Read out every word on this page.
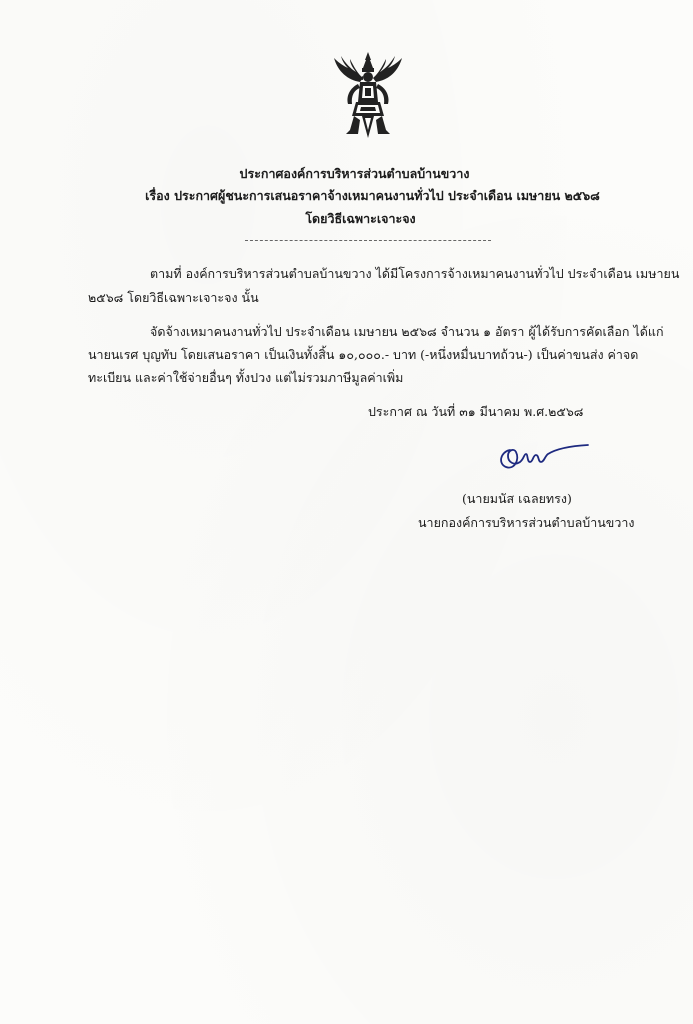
ประกาศองค์การบริหารส่วนตำบลบ้านขวาง
เรื่อง ประกาศผู้ชนะการเสนอราคาจ้างเหมาคนงานทั่วไป ประจำเดือน เมษายน ๒๕๖๘
โดยวิธีเฉพาะเจาะจง
ตามที่ องค์การบริหารส่วนตำบลบ้านขวาง ได้มีโครงการจ้างเหมาคนงานทั่วไป ประจำเดือน เมษายน
๒๕๖๘ โดยวิธีเฉพาะเจาะจง นั้น
จัดจ้างเหมาคนงานทั่วไป ประจำเดือน เมษายน ๒๕๖๘ จำนวน ๑ อัตรา ผู้ได้รับการคัดเลือก ได้แก่
นายนเรศ บุญทับ โดยเสนอราคา เป็นเงินทั้งสิ้น ๑๐,๐๐๐.- บาท (-หนึ่งหมื่นบาทถ้วน-) เป็นค่าขนส่ง ค่าจด
ทะเบียน และค่าใช้จ่ายอื่นๆ ทั้งปวง แต่ไม่รวมภาษีมูลค่าเพิ่ม
ประกาศ ณ วันที่ ๓๑ มีนาคม พ.ศ.๒๕๖๘
(นายมนัส เฉลยทรง)
นายกองค์การบริหารส่วนตำบลบ้านขวาง
